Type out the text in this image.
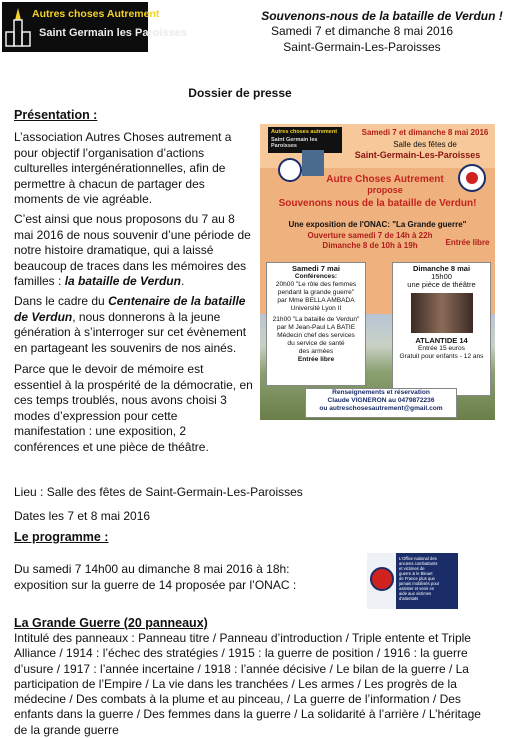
Autres choses Autrement
Saint Germain les Paroisses
Souvenons-nous de la bataille de Verdun !
Samedi 7 et dimanche 8 mai 2016
Saint-Germain-Les-Paroisses
Dossier de presse
Présentation :
L’association Autres Choses autrement a
pour objectif l’organisation d’actions
culturelles intergénérationnelles, afin de
permettre à chacun de partager des
moments de vie agréable.
C’est ainsi que nous proposons du 7 au 8
mai 2016 de nous souvenir d’une période de
notre histoire dramatique, qui a laissé
beaucoup de traces dans les mémoires des
familles : la bataille de Verdun.
Dans le cadre du Centenaire de la bataille
de Verdun, nous donnerons à la jeune
génération à s’interroger sur cet évènement
en partageant les souvenirs de nos ainés.
Parce que le devoir de mémoire est
essentiel à la prospérité de la démocratie, en
ces temps troublés, nous avons choisi 3
modes d’expression pour cette
manifestation : une exposition, 2
conférences et une pièce de théâtre.
Autres choses autrement
Saint Germain les Paroisses
Samedi 7 et dimanche 8 mai 2016
Salle des fêtes de
Saint-Germain-Les-Paroisses
Autre Choses Autrement
propose
Souvenons nous de la bataille de Verdun!
Une exposition de l'ONAC: "La Grande guerre"
Ouverture samedi 7 de 14h à 22h
Dimanche 8 de 10h à 19h	Entrée libre
Samedi 7 mai
Conférences:
20h00 "Le rôle des femmes
pendant la grande guerre"
par Mme BELLA AMBADA
Université Lyon II
21h00 "La bataille de Verdun"
par M Jean-Paul LA BATIE
Médecin chef des services
du service de santé
des armées
Entrée libre
Dimanche 8 mai
15h00
une pièce de théâtre
ATLANTIDE 14
Entrée 15 euros
Gratuit pour enfants - 12 ans
Renseignements et réservation
Claude VIGNERON au 0479872236
ou autreschosesautrement@gmail.com
Lieu : Salle des fêtes de Saint-Germain-Les-Paroisses
Dates les 7 et 8 mai 2016
Le programme :
Du samedi 7 14h00 au dimanche 8 mai 2016 à 18h:
exposition sur la guerre de 14 proposée par l’ONAC :
L'Office national des
anciens combattants
et victimes de
guerre & le Bleuet
de France plus que
jamais mobilisés pour
assister et venir en
aide aux victimes
d'attentats
La Grande Guerre (20 panneaux)
Intitulé des panneaux : Panneau titre / Panneau d’introduction / Triple entente et Triple
Alliance / 1914 : l’échec des stratégies / 1915 : la guerre de position / 1916 : la guerre
d’usure / 1917 : l’année incertaine / 1918 : l’année décisive / Le bilan de la guerre / La
participation de l’Empire / La vie dans les tranchées / Les armes / Les progrès de la
médecine / Des combats à la plume et au pinceau, / La guerre de l’information / Des
enfants dans la guerre / Des femmes dans la guerre / La solidarité à l’arrière / L’héritage
de la grande guerre
